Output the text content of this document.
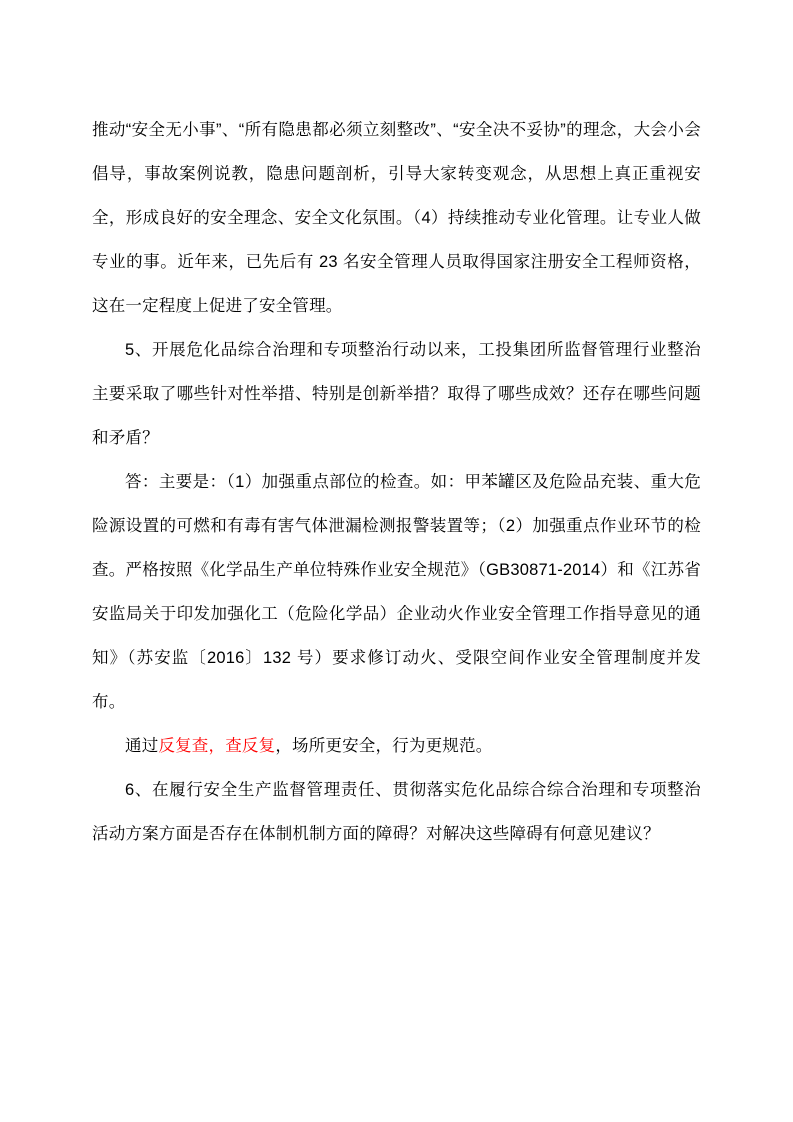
推动“安全无小事”、“所有隐患都必须立刻整改”、“安全决不妥协”的理念，大会小会倡导，事故案例说教，隐患问题剖析，引导大家转变观念，从思想上真正重视安全，形成良好的安全理念、安全文化氛围。（4）持续推动专业化管理。让专业人做专业的事。近年来，已先后有 23 名安全管理人员取得国家注册安全工程师资格，这在一定程度上促进了安全管理。

5、开展危化品综合治理和专项整治行动以来，工投集团所监督管理行业整治主要采取了哪些针对性举措、特别是创新举措？取得了哪些成效？还存在哪些问题和矛盾？

答：主要是：（1）加强重点部位的检查。如：甲苯罐区及危险品充装、重大危险源设置的可燃和有毒有害气体泄漏检测报警装置等；（2）加强重点作业环节的检查。严格按照《化学品生产单位特殊作业安全规范》（GB30871-2014）和《江苏省安监局关于印发加强化工（危险化学品）企业动火作业安全管理工作指导意见的通知》（苏安监〔2016〕132 号）要求修订动火、受限空间作业安全管理制度并发布。

通过反复查，查反复，场所更安全，行为更规范。

6、在履行安全生产监督管理责任、贯彻落实危化品综合综合治理和专项整治活动方案方面是否存在体制机制方面的障碍？对解决这些障碍有何意见建议？
